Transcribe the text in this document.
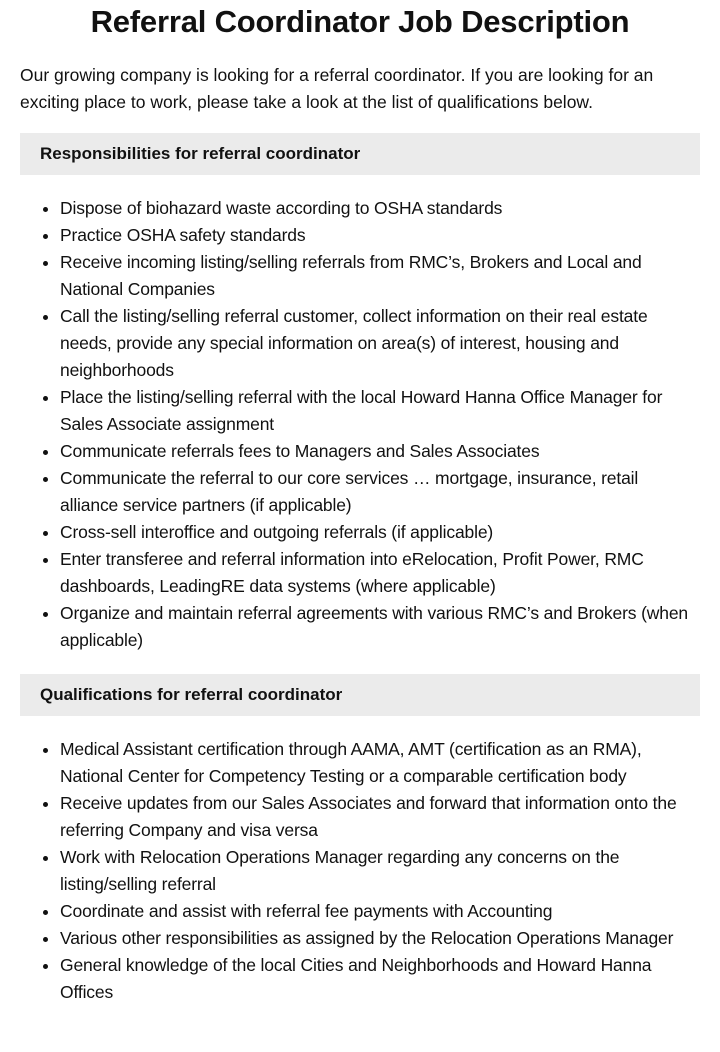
Referral Coordinator Job Description

Our growing company is looking for a referral coordinator. If you are looking for an exciting place to work, please take a look at the list of qualifications below.

Responsibilities for referral coordinator
• Dispose of biohazard waste according to OSHA standards
• Practice OSHA safety standards
• Receive incoming listing/selling referrals from RMC’s, Brokers and Local and National Companies
• Call the listing/selling referral customer, collect information on their real estate needs, provide any special information on area(s) of interest, housing and neighborhoods
• Place the listing/selling referral with the local Howard Hanna Office Manager for Sales Associate assignment
• Communicate referrals fees to Managers and Sales Associates
• Communicate the referral to our core services … mortgage, insurance, retail alliance service partners (if applicable)
• Cross-sell interoffice and outgoing referrals (if applicable)
• Enter transferee and referral information into eRelocation, Profit Power, RMC dashboards, LeadingRE data systems (where applicable)
• Organize and maintain referral agreements with various RMC’s and Brokers (when applicable)
Qualifications for referral coordinator
• Medical Assistant certification through AAMA, AMT (certification as an RMA), National Center for Competency Testing or a comparable certification body
• Receive updates from our Sales Associates and forward that information onto the referring Company and visa versa
• Work with Relocation Operations Manager regarding any concerns on the listing/selling referral
• Coordinate and assist with referral fee payments with Accounting
• Various other responsibilities as assigned by the Relocation Operations Manager
• General knowledge of the local Cities and Neighborhoods and Howard Hanna Offices
